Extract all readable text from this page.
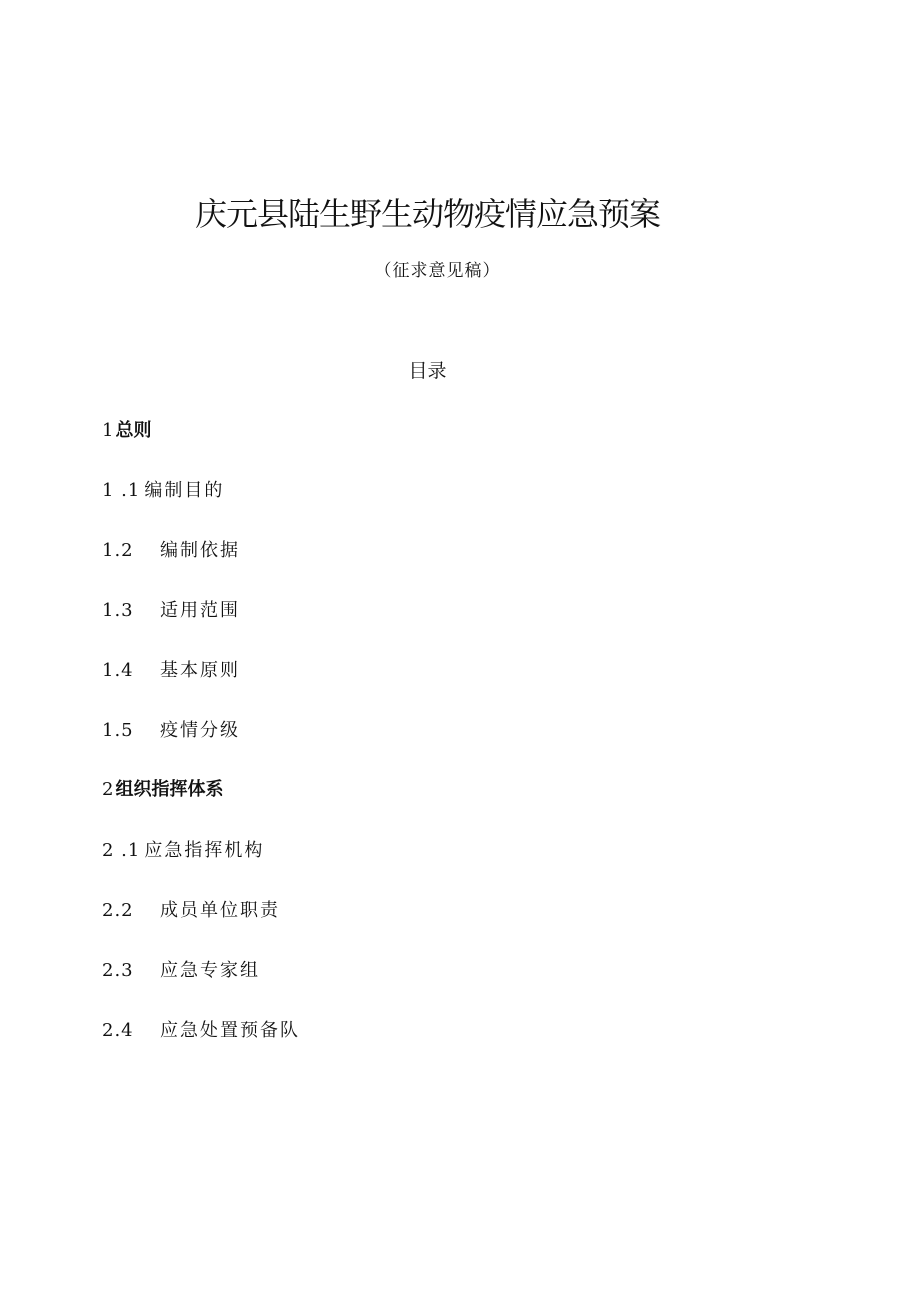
庆元县陆生野生动物疫情应急预案
（征求意见稿）
目录
1 总则
1 .1 编制目的
1.2 编制依据
1.3 适用范围
1.4 基本原则
1.5 疫情分级
2 组织指挥体系
2 .1 应急指挥机构
2.2 成员单位职责
2.3 应急专家组
2.4 应急处置预备队
